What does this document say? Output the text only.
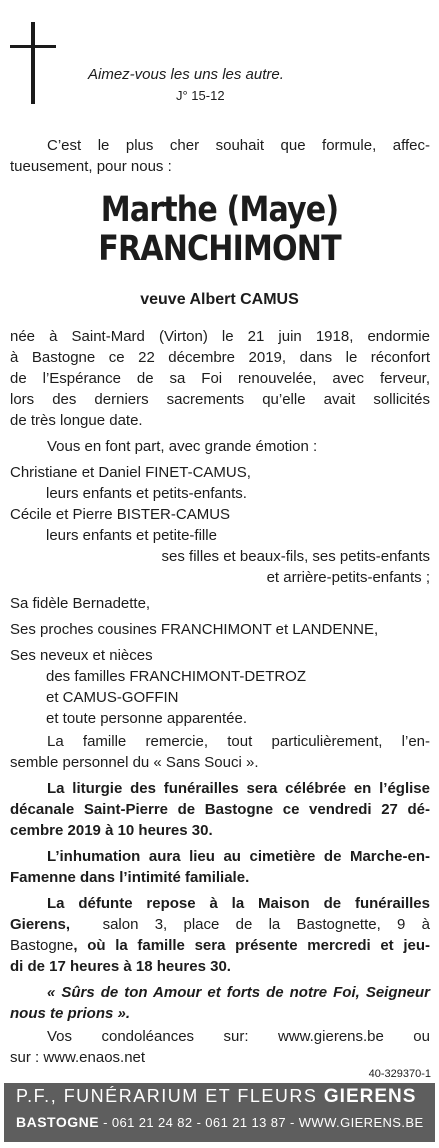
Aimez-vous les uns les autre.
J° 15-12

C’est le plus cher souhait que formule, affec-

tueusement, pour nous :

Marthe (Maye)
FRANCHIMONT
veuve Albert CAMUS

née à Saint-Mard (Virton) le 21 juin 1918, endormie

à Bastogne ce 22 décembre 2019, dans le réconfort

de l’Espérance de sa Foi renouvelée, avec ferveur,

lors des derniers sacrements qu’elle avait sollicités

de très longue date.

Vous en font part, avec grande émotion :

Christiane et Daniel FINET-CAMUS,

leurs enfants et petits-enfants.

Cécile et Pierre BISTER-CAMUS

leurs enfants et petite-fille

ses filles et beaux-fils, ses petits-enfants

et arrière-petits-enfants ;

Sa fidèle Bernadette,

Ses proches cousines FRANCHIMONT et LANDENNE,

Ses neveux et nièces

des familles FRANCHIMONT-DETROZ

et CAMUS-GOFFIN

et toute personne apparentée.

La famille remercie, tout particulièrement, l’en-

semble personnel du « Sans Souci ».

La liturgie des funérailles sera célébrée en l’église

décanale Saint-Pierre de Bastogne ce vendredi 27 dé-

cembre 2019 à 10 heures 30.

L’inhumation aura lieu au cimetière de Marche-en-

Famenne dans l’intimité familiale.

La défunte repose à la Maison de funérailles

Gierens, salon 3, place de la Bastognette, 9 à

Bastogne, où la famille sera présente mercredi et jeu-

di de 17 heures à 18 heures 30.

« Sûrs de ton Amour et forts de notre Foi, Seigneur

nous te prions ».

Vos condoléances sur: www.gierens.be ou

sur : www.enaos.net

40-329370-1
P.F., FUNÉRARIUM ET FLEURS GIERENS
BASTOGNE - 061 21 24 82 - 061 21 13 87 - WWW.GIERENS.BE
